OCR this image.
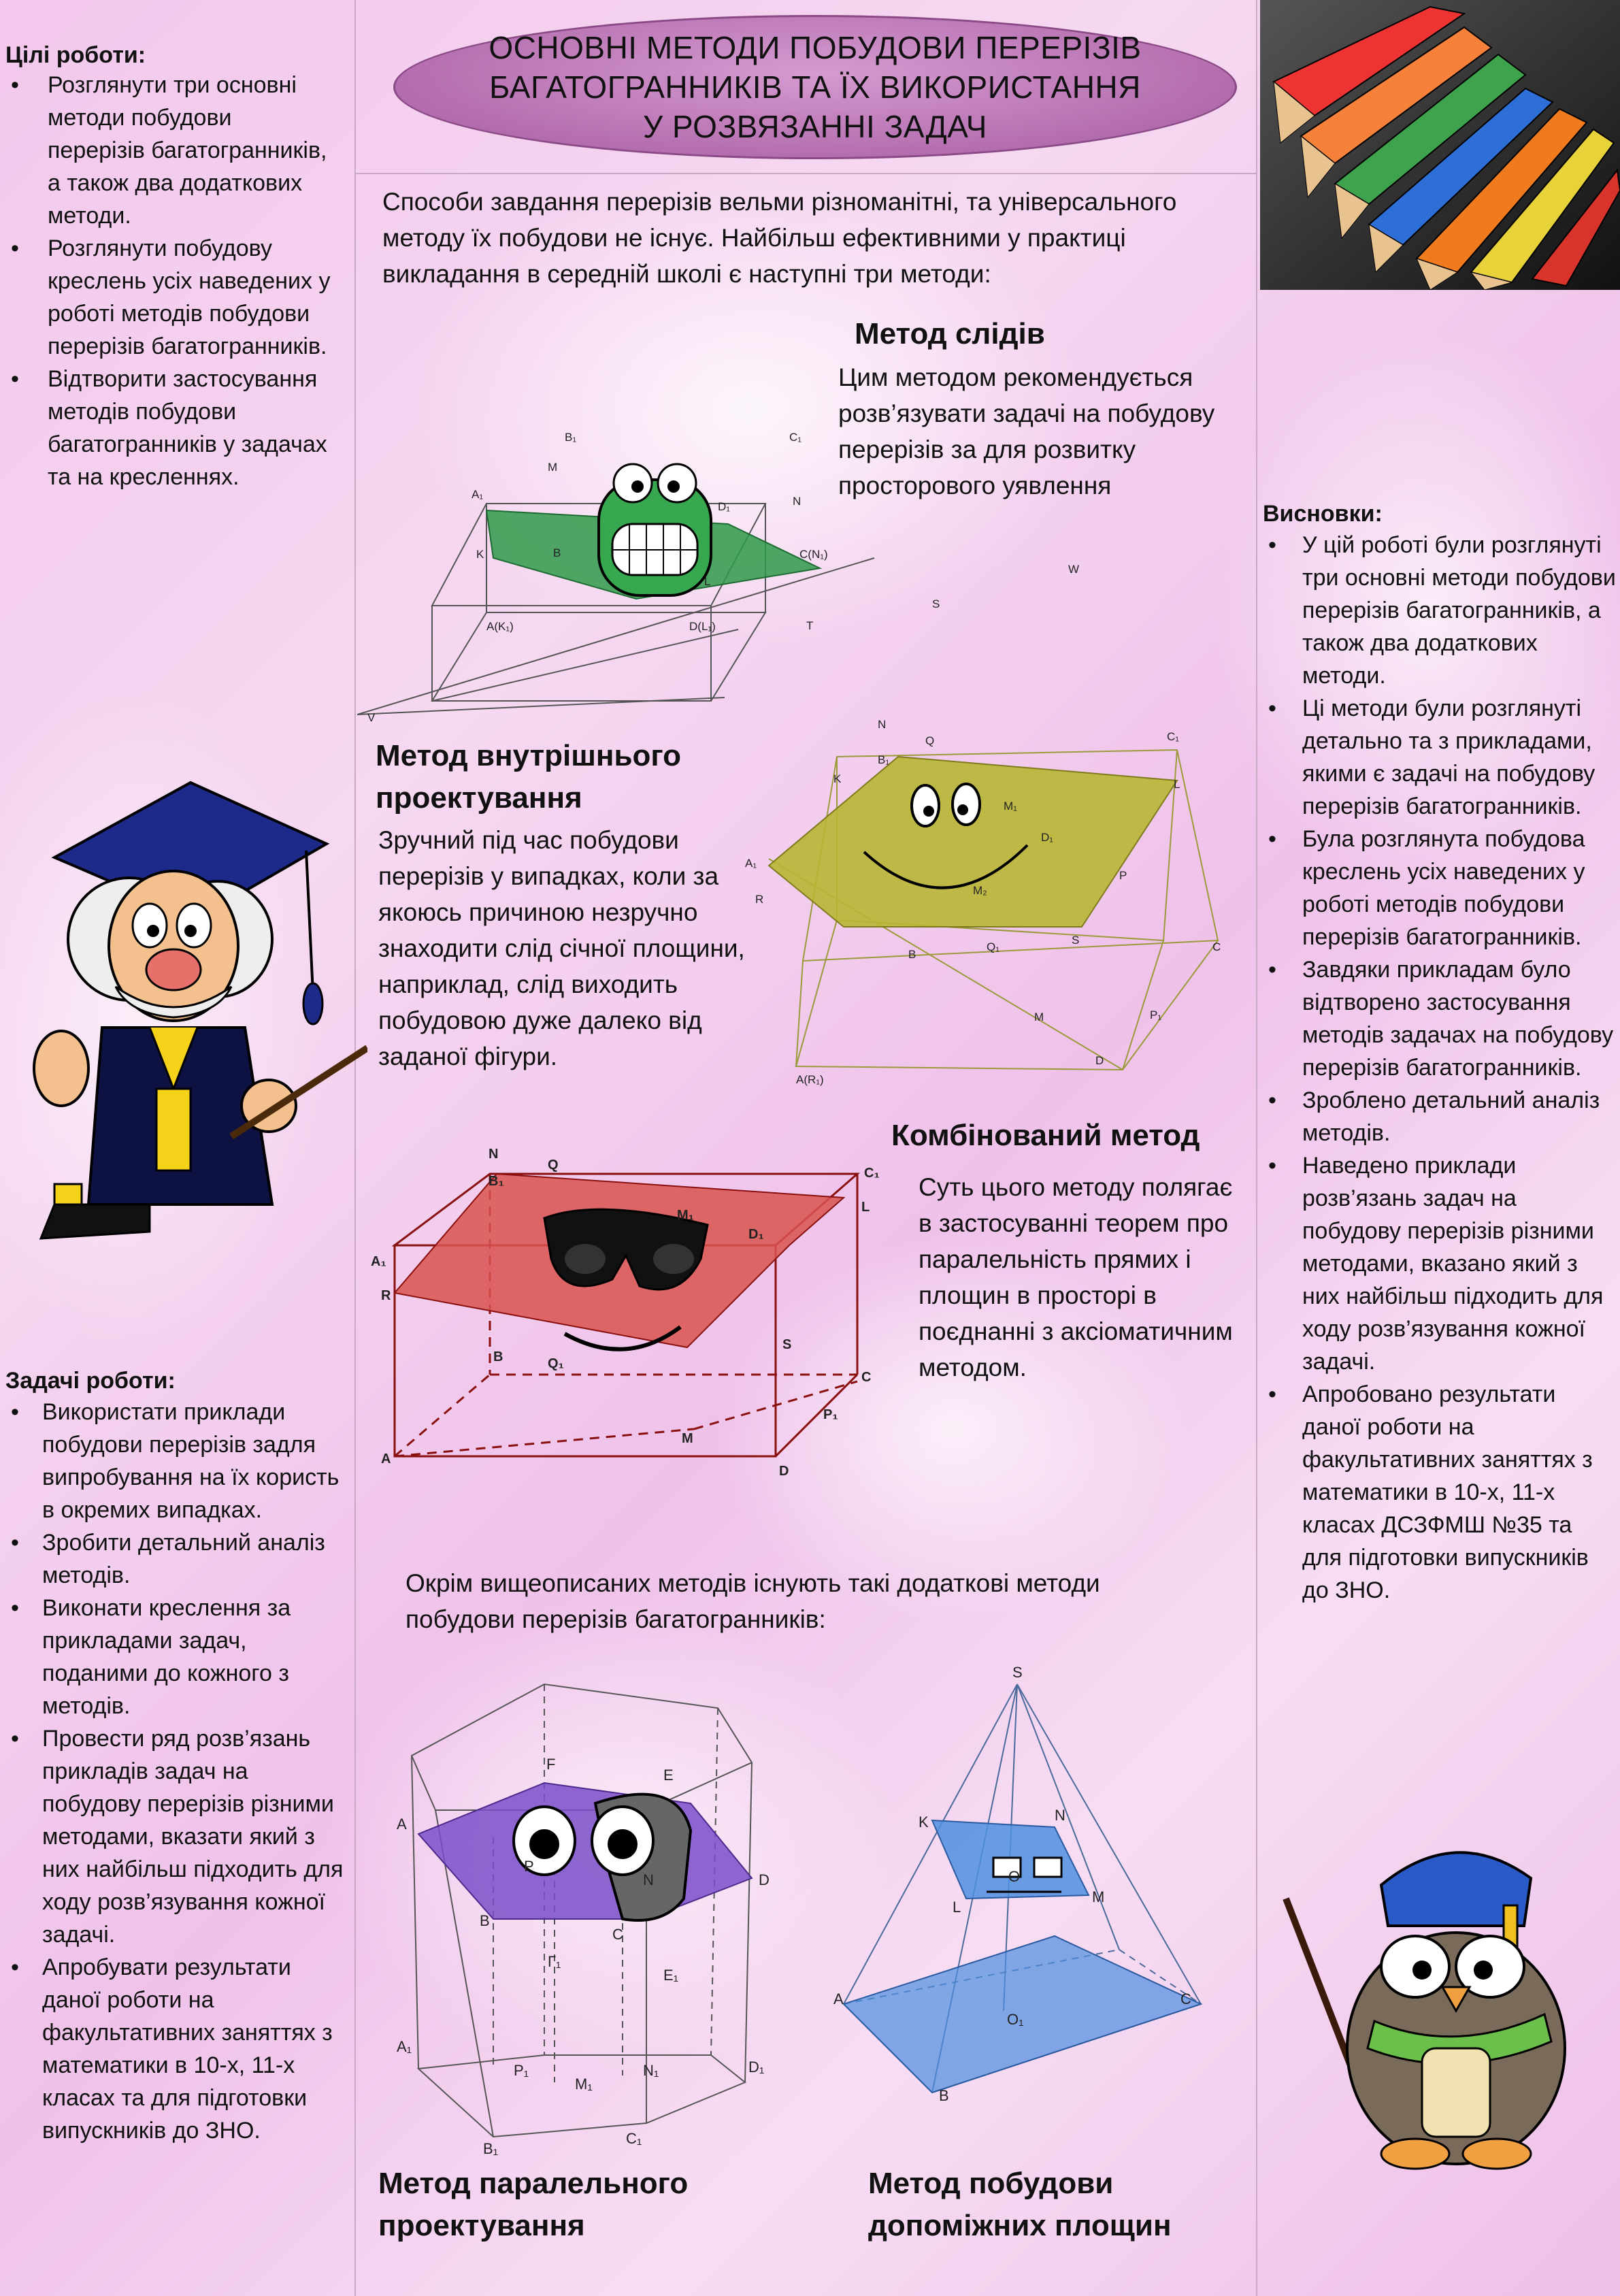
ОСНОВНІ МЕТОДИ ПОБУДОВИ ПЕРЕРІЗІВ БАГАТОГРАННИКІВ ТА ЇХ ВИКОРИСТАННЯ У РОЗВЯЗАННІ ЗАДАЧ
Цілі роботи:
• Розглянути три основні методи побудови перерізів багатогранників, а також два додаткових методи.
• Розглянути побудову креслень усіх наведених у роботі методів побудови перерізів багатогранників.
• Відтворити застосування методів побудови багатогранників у задачах та на кресленнях.
Задачі роботи:
• Використати приклади побудови перерізів задля випробування на їх користь в окремих випадках.
• Зробити детальний аналіз методів.
• Виконати креслення за прикладами задач, поданими до кожного з методів.
• Провести ряд розв’язань прикладів задач на побудову перерізів різними методами, вказати який з них найбільш підходить для ходу розв’язування кожної задачі.
• Апробувати результати даної роботи на факультативних заняттях з математики в 10-х, 11-х класах та для підготовки випускників до ЗНО.
Способи завдання перерізів вельми різноманітні, та універсального методу їх побудови не існує. Найбільш ефективними у практиці викладання в середній школі є наступні три методи:
Метод слідів
Цим методом рекомендується розв’язувати задачі на побудову перерізів за для розвитку просторового уявлення
B₁	C₁
A₁
M
D₁	N
K	B	C(N₁)
W
L
S
A(K₁)	D(L₁)	T
V
Метод внутрішнього проектування
Зручний під час побудови перерізів у випадках, коли за якоюсь причиною незручно знаходити слід січної площини, наприклад, слід виходить побудовою дуже далеко від заданої фігури.
N
Q	C₁
K
B₁
M₁
D₁
L
A₁
R
M₂
P
S
Q₁
B
C
M	P₁
A(R₁)
D
Комбінований метод
Суть цього методу полягає в застосуванні теорем про паралельність прямих і площин в просторі в поєднанні з аксіоматичним методом.
N
B₁
Q
C₁
L
M₁
D₁
A₁
R
S
B	Q₁
C
P₁
M
A
D
Окрім вищеописаних методів існують такі додаткові методи побудови перерізів багатогранників:
F
E
A
D
P
N
B
C
Г₁
E₁
A₁
P₁
M₁
N₁	D₁
B₁
C₁
S
K	N
O
L
M
A	C
O₁
B
Метод паралельного проектування
Метод побудови допоміжних площин
Висновки:
• У цій роботі були розглянуті три основні методи побудови перерізів багатогранників, а також два додаткових методи.
• Ці методи були розглянуті детально та з прикладами, якими є задачі на побудову перерізів багатогранників.
• Була розглянута побудова креслень усіх наведених у роботі методів побудови перерізів багатогранників.
• Завдяки прикладам було відтворено застосування методів задачах на побудову перерізів багатогранників.
• Зроблено детальний аналіз методів.
• Наведено приклади розв’язань задач на побудову перерізів різними методами, вказано який з них найбільш підходить для ходу розв’язування кожної задачі.
• Апробовано результати даної роботи на факультативних заняттях з математики в 10-х, 11-х класах ДСЗФМШ №35 та для підготовки випускників до ЗНО.
